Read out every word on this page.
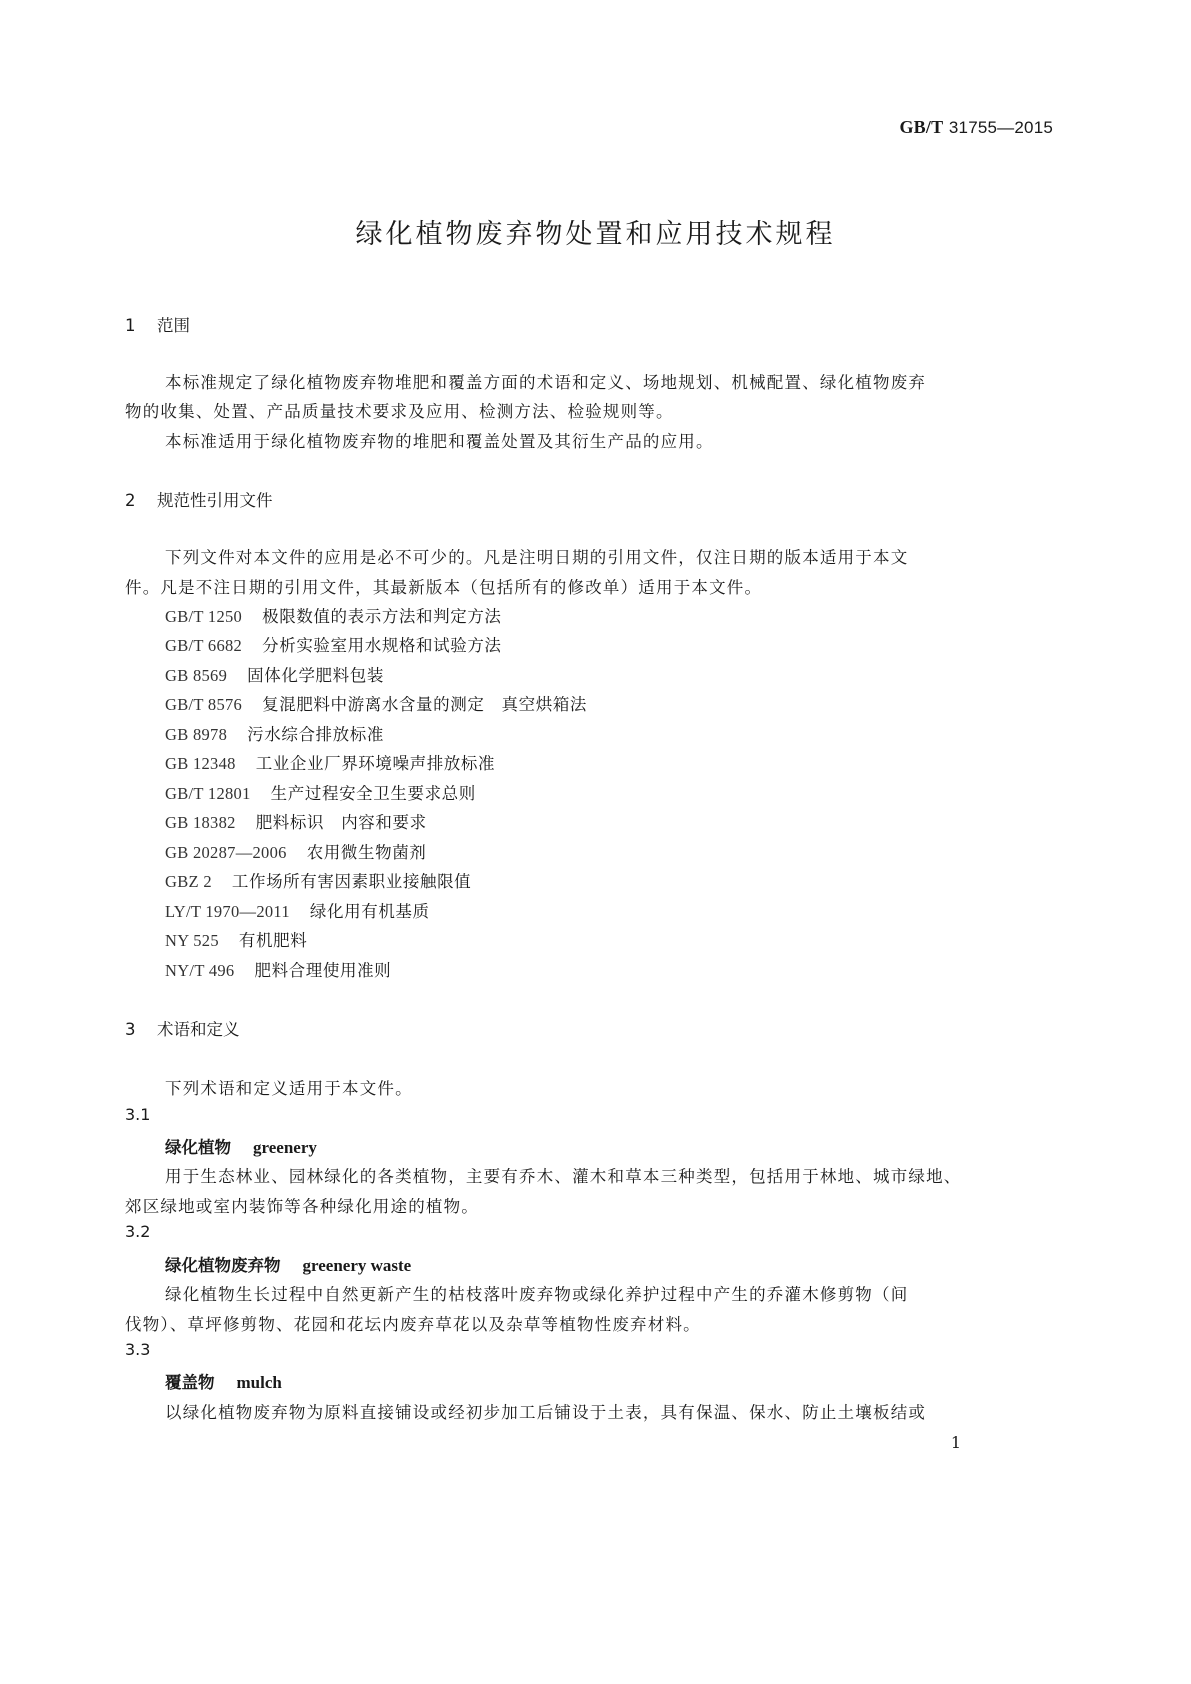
GB/T 31755—2015
绿化植物废弃物处置和应用技术规程
1 范围
本标准规定了绿化植物废弃物堆肥和覆盖方面的术语和定义、场地规划、机械配置、绿化植物废弃
物的收集、处置、产品质量技术要求及应用、检测方法、检验规则等。
本标准适用于绿化植物废弃物的堆肥和覆盖处置及其衍生产品的应用。
2 规范性引用文件
下列文件对本文件的应用是必不可少的。凡是注明日期的引用文件，仅注日期的版本适用于本文
件。凡是不注日期的引用文件，其最新版本（包括所有的修改单）适用于本文件。
GB/T 1250 极限数值的表示方法和判定方法
GB/T 6682 分析实验室用水规格和试验方法
GB 8569 固体化学肥料包装
GB/T 8576 复混肥料中游离水含量的测定　真空烘箱法
GB 8978 污水综合排放标准
GB 12348 工业企业厂界环境噪声排放标准
GB/T 12801 生产过程安全卫生要求总则
GB 18382 肥料标识　内容和要求
GB 20287—2006 农用微生物菌剂
GBZ 2 工作场所有害因素职业接触限值
LY/T 1970—2011 绿化用有机基质
NY 525 有机肥料
NY/T 496 肥料合理使用准则
3 术语和定义
下列术语和定义适用于本文件。
3.1
绿化植物 greenery
用于生态林业、园林绿化的各类植物，主要有乔木、灌木和草本三种类型，包括用于林地、城市绿地、
郊区绿地或室内装饰等各种绿化用途的植物。
3.2
绿化植物废弃物 greenery waste
绿化植物生长过程中自然更新产生的枯枝落叶废弃物或绿化养护过程中产生的乔灌木修剪物（间
伐物）、草坪修剪物、花园和花坛内废弃草花以及杂草等植物性废弃材料。
3.3
覆盖物 mulch
以绿化植物废弃物为原料直接铺设或经初步加工后铺设于土表，具有保温、保水、防止土壤板结或
1
